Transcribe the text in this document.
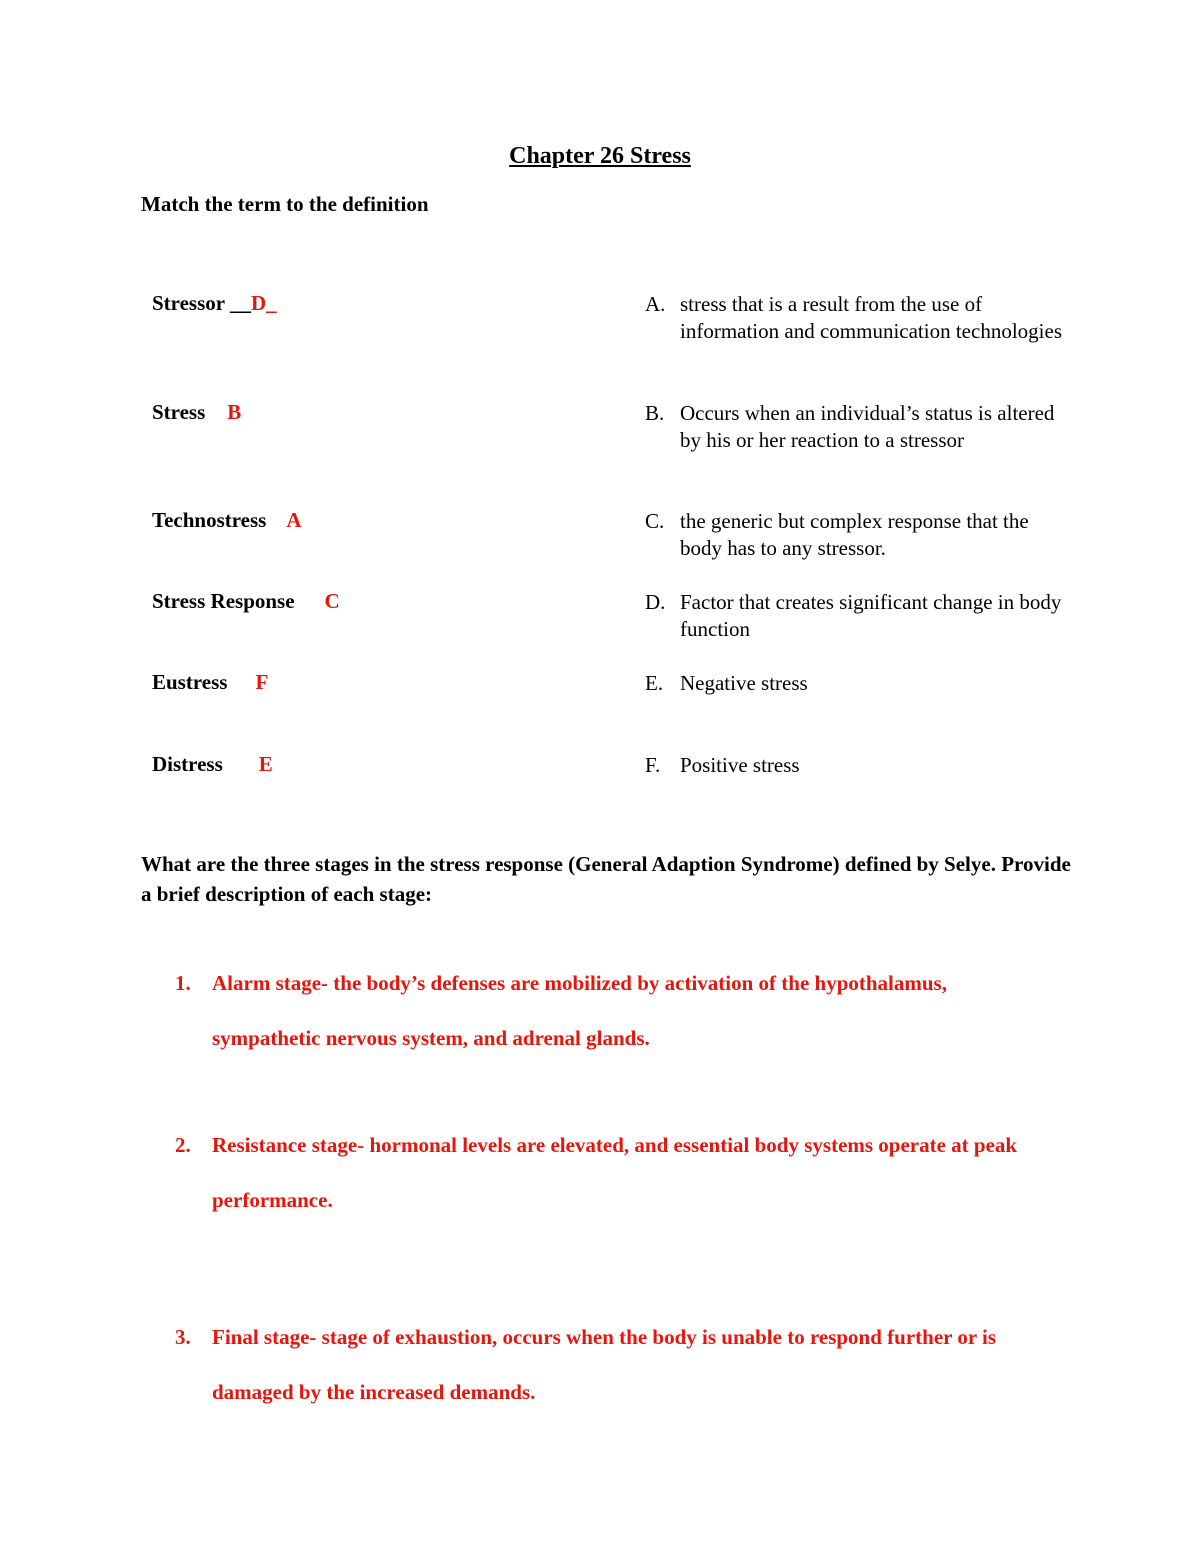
Chapter 26 Stress
Match the term to the definition
Stressor __D_
Stress B
Technostress A
Stress Response C
Eustress F
Distress E
A. stress that is a result from the use of information and communication technologies
B. Occurs when an individual’s status is altered by his or her reaction to a stressor
C. the generic but complex response that the body has to any stressor.
D. Factor that creates significant change in body function
E. Negative stress
F. Positive stress
What are the three stages in the stress response (General Adaption Syndrome) defined by Selye. Provide a brief description of each stage:
1. Alarm stage- the body’s defenses are mobilized by activation of the hypothalamus, sympathetic nervous system, and adrenal glands.
2. Resistance stage- hormonal levels are elevated, and essential body systems operate at peak performance.
3. Final stage- stage of exhaustion, occurs when the body is unable to respond further or is damaged by the increased demands.
